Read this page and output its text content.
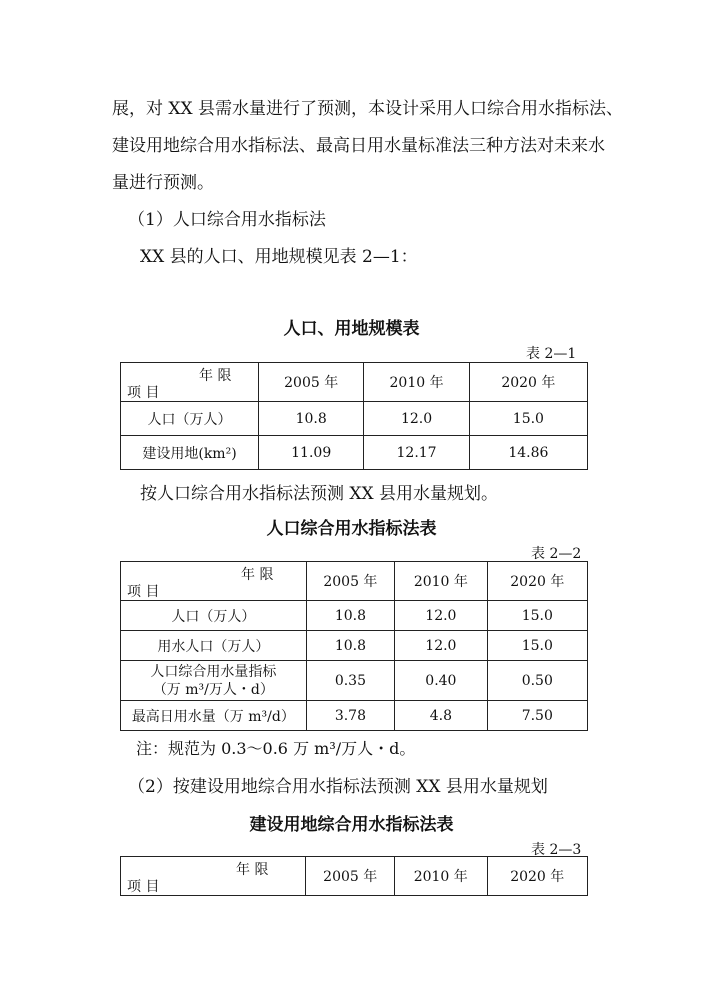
展，对 XX 县需水量进行了预测，本设计采用人口综合用水指标法、
建设用地综合用水指标法、最高日用水量标准法三种方法对未来水
量进行预测。
（1）人口综合用水指标法
XX 县的人口、用地规模见表 2—1：
人口、用地规模表
表 2—1
年 限
项 目	2005 年	2010 年	2020 年
人口（万人）	10.8	12.0	15.0
建设用地(km²)	11.09	12.17	14.86
按人口综合用水指标法预测 XX 县用水量规划。
人口综合用水指标法表
表 2—2
年 限
项 目	2005 年	2010 年	2020 年
人口（万人）	10.8	12.0	15.0
用水人口（万人）	10.8	12.0	15.0

人口综合用水量指标
（万 m³/万人・d）	0.35	0.40	0.50
最高日用水量（万 m³/d）	3.78	4.8	7.50
注：规范为 0.3～0.6 万 m³/万人・d。
（2）按建设用地综合用水指标法预测 XX 县用水量规划
建设用地综合用水指标法表
表 2—3
年 限
项 目
	2005 年	2010 年	2020 年
